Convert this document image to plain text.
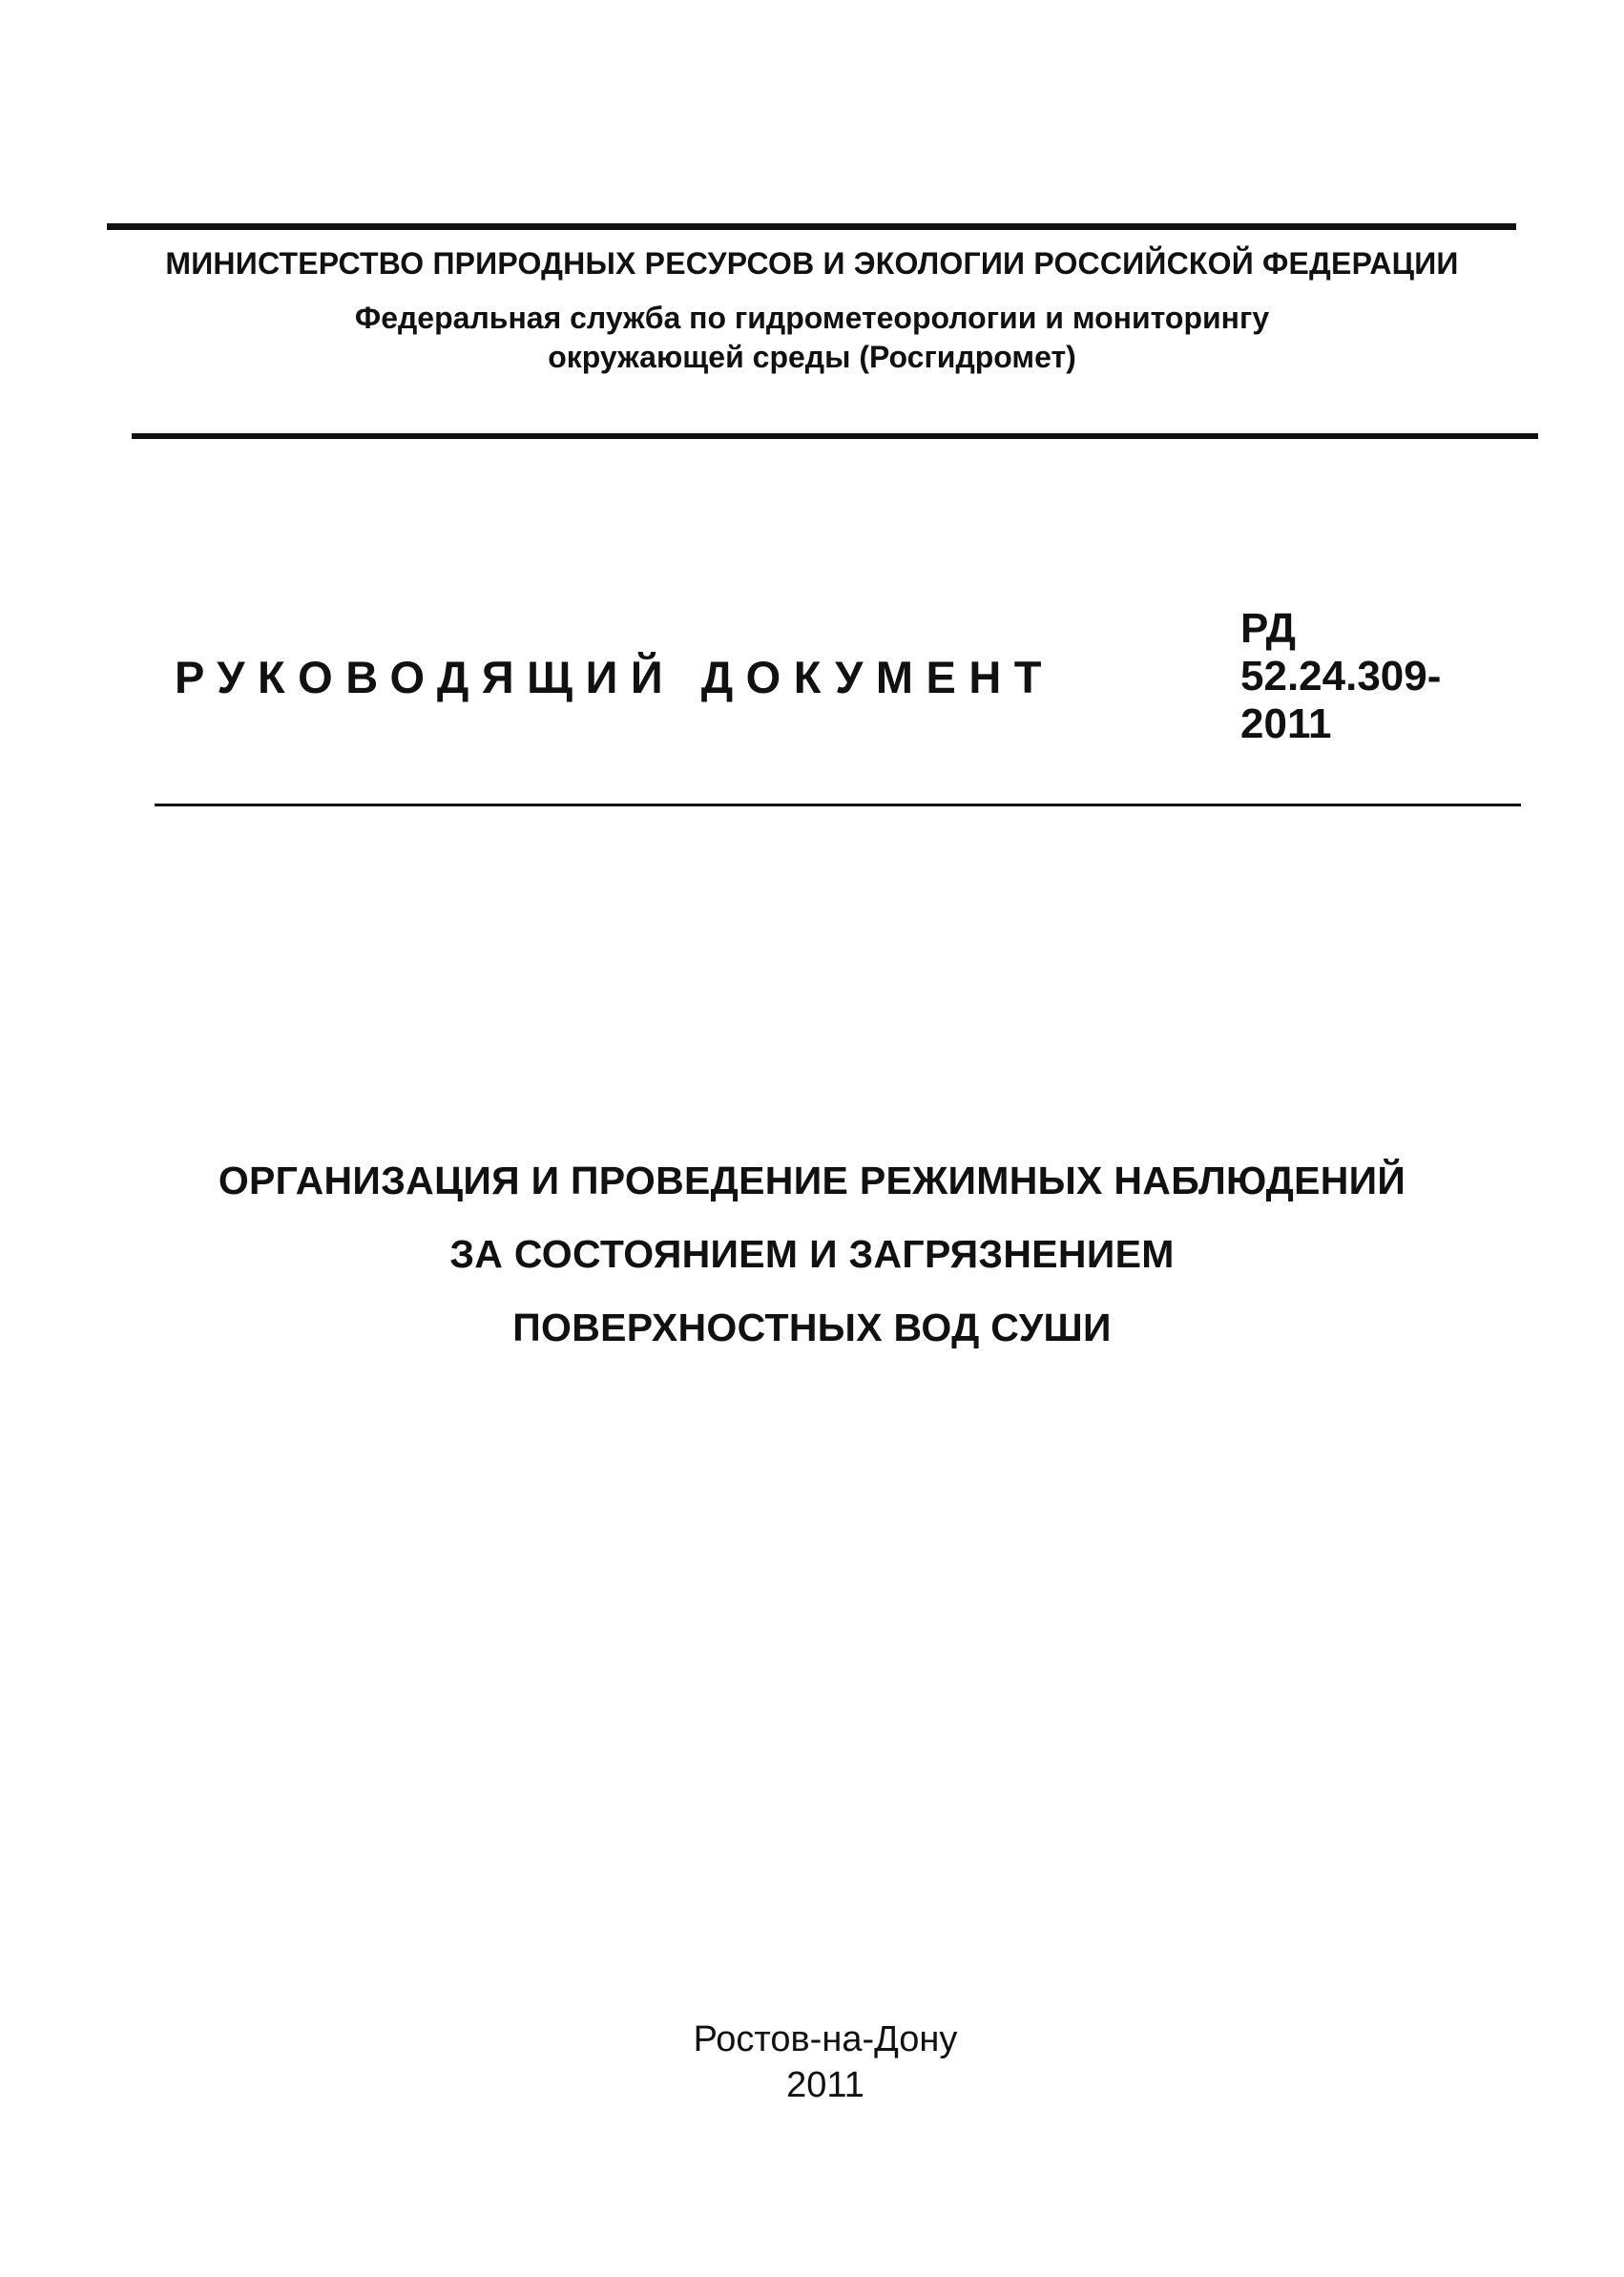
МИНИСТЕРСТВО ПРИРОДНЫХ РЕСУРСОВ И ЭКОЛОГИИ РОССИЙСКОЙ ФЕДЕРАЦИИ
Федеральная служба по гидрометеорологии и мониторингу
окружающей среды (Росгидромет)
РУКОВОДЯЩИЙ ДОКУМЕНТ
РД
52.24.309-
2011
ОРГАНИЗАЦИЯ И ПРОВЕДЕНИЕ РЕЖИМНЫХ НАБЛЮДЕНИЙ
ЗА СОСТОЯНИЕМ И ЗАГРЯЗНЕНИЕМ
ПОВЕРХНОСТНЫХ ВОД СУШИ
Ростов-на-Дону
2011
